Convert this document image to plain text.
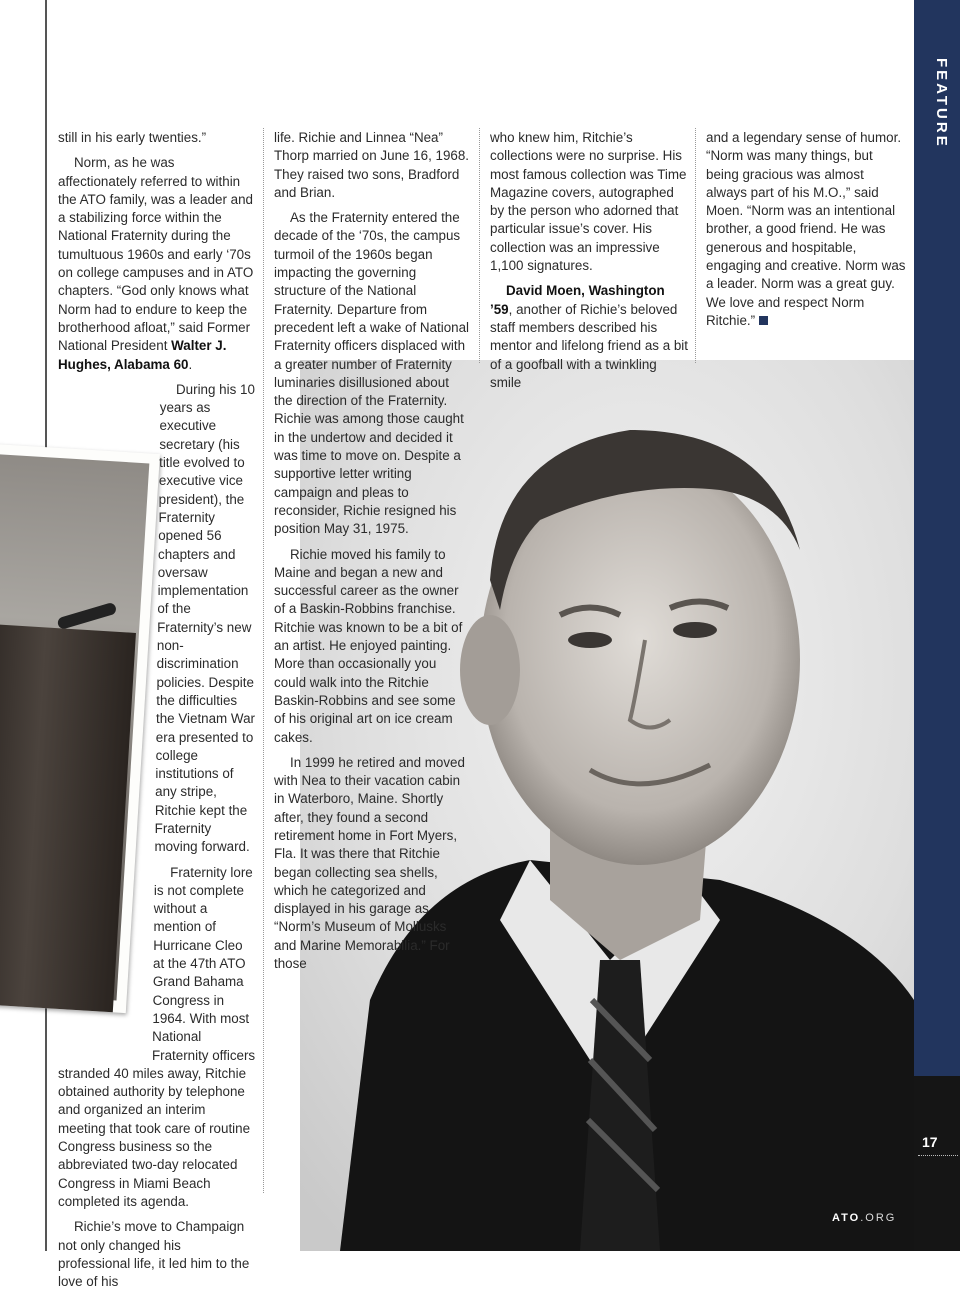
still in his early twenties.”

Norm, as he was affectionately referred to within the ATO family, was a leader and a stabilizing force within the National Fraternity during the tumultuous 1960s and early ‘70s on college campuses and in ATO chapters. “God only knows what Norm had to endure to keep the brotherhood afloat,” said Former National President Walter J. Hughes, Alabama 60.

During his 10 years as executive secretary (his title evolved to executive vice president), the Fraternity opened 56 chapters and oversaw implementation of the Fraternity’s new non-discrimination policies. Despite the difficulties the Vietnam War era presented to college institutions of any stripe, Ritchie kept the Fraternity moving forward.

Fraternity lore is not complete without a mention of Hurricane Cleo at the 47th ATO Grand Bahama Congress in 1964. With most National Fraternity officers stranded 40 miles away, Ritchie obtained authority by telephone and organized an interim meeting that took care of routine Congress business so the abbreviated two-day relocated Congress in Miami Beach completed its agenda.

Richie’s move to Champaign not only changed his professional life, it led him to the love of his

life. Richie and Linnea “Nea” Thorp married on June 16, 1968. They raised two sons, Bradford and Brian.

As the Fraternity entered the decade of the ‘70s, the campus turmoil of the 1960s began impacting the governing structure of the National Fraternity. Departure from precedent left a wake of National Fraternity officers displaced with a greater number of Fraternity luminaries disillusioned about the direction of the Fraternity. Richie was among those caught in the undertow and decided it was time to move on. Despite a supportive letter writing campaign and pleas to reconsider, Richie resigned his position May 31, 1975.

Richie moved his family to Maine and began a new and successful career as the owner of a Baskin-Robbins franchise. Ritchie was known to be a bit of an artist. He enjoyed painting. More than occasionally you could walk into the Ritchie Baskin-Robbins and see some of his original art on ice cream cakes.

In 1999 he retired and moved with Nea to their vacation cabin in Waterboro, Maine. Shortly after, they found a second retirement home in Fort Myers, Fla. It was there that Ritchie began collecting sea shells, which he categorized and displayed in his garage as “Norm’s Museum of Mollusks and Marine Memorabilia.” For those

who knew him, Ritchie’s collections were no surprise. His most famous collection was Time Magazine covers, autographed by the person who adorned that particular issue’s cover. His collection was an impressive 1,100 signatures.

David Moen, Washington ’59, another of Richie’s beloved staff members described his mentor and lifelong friend as a bit of a goofball with a twinkling smile

and a legendary sense of humor. “Norm was many things, but being gracious was almost always part of his M.O.,” said Moen. “Norm was an intentional brother, a good friend. He was generous and hospitable, engaging and creative. Norm was a leader. Norm was a great guy. We love and respect Norm Ritchie.”

FEATURE
17
ATO.ORG
